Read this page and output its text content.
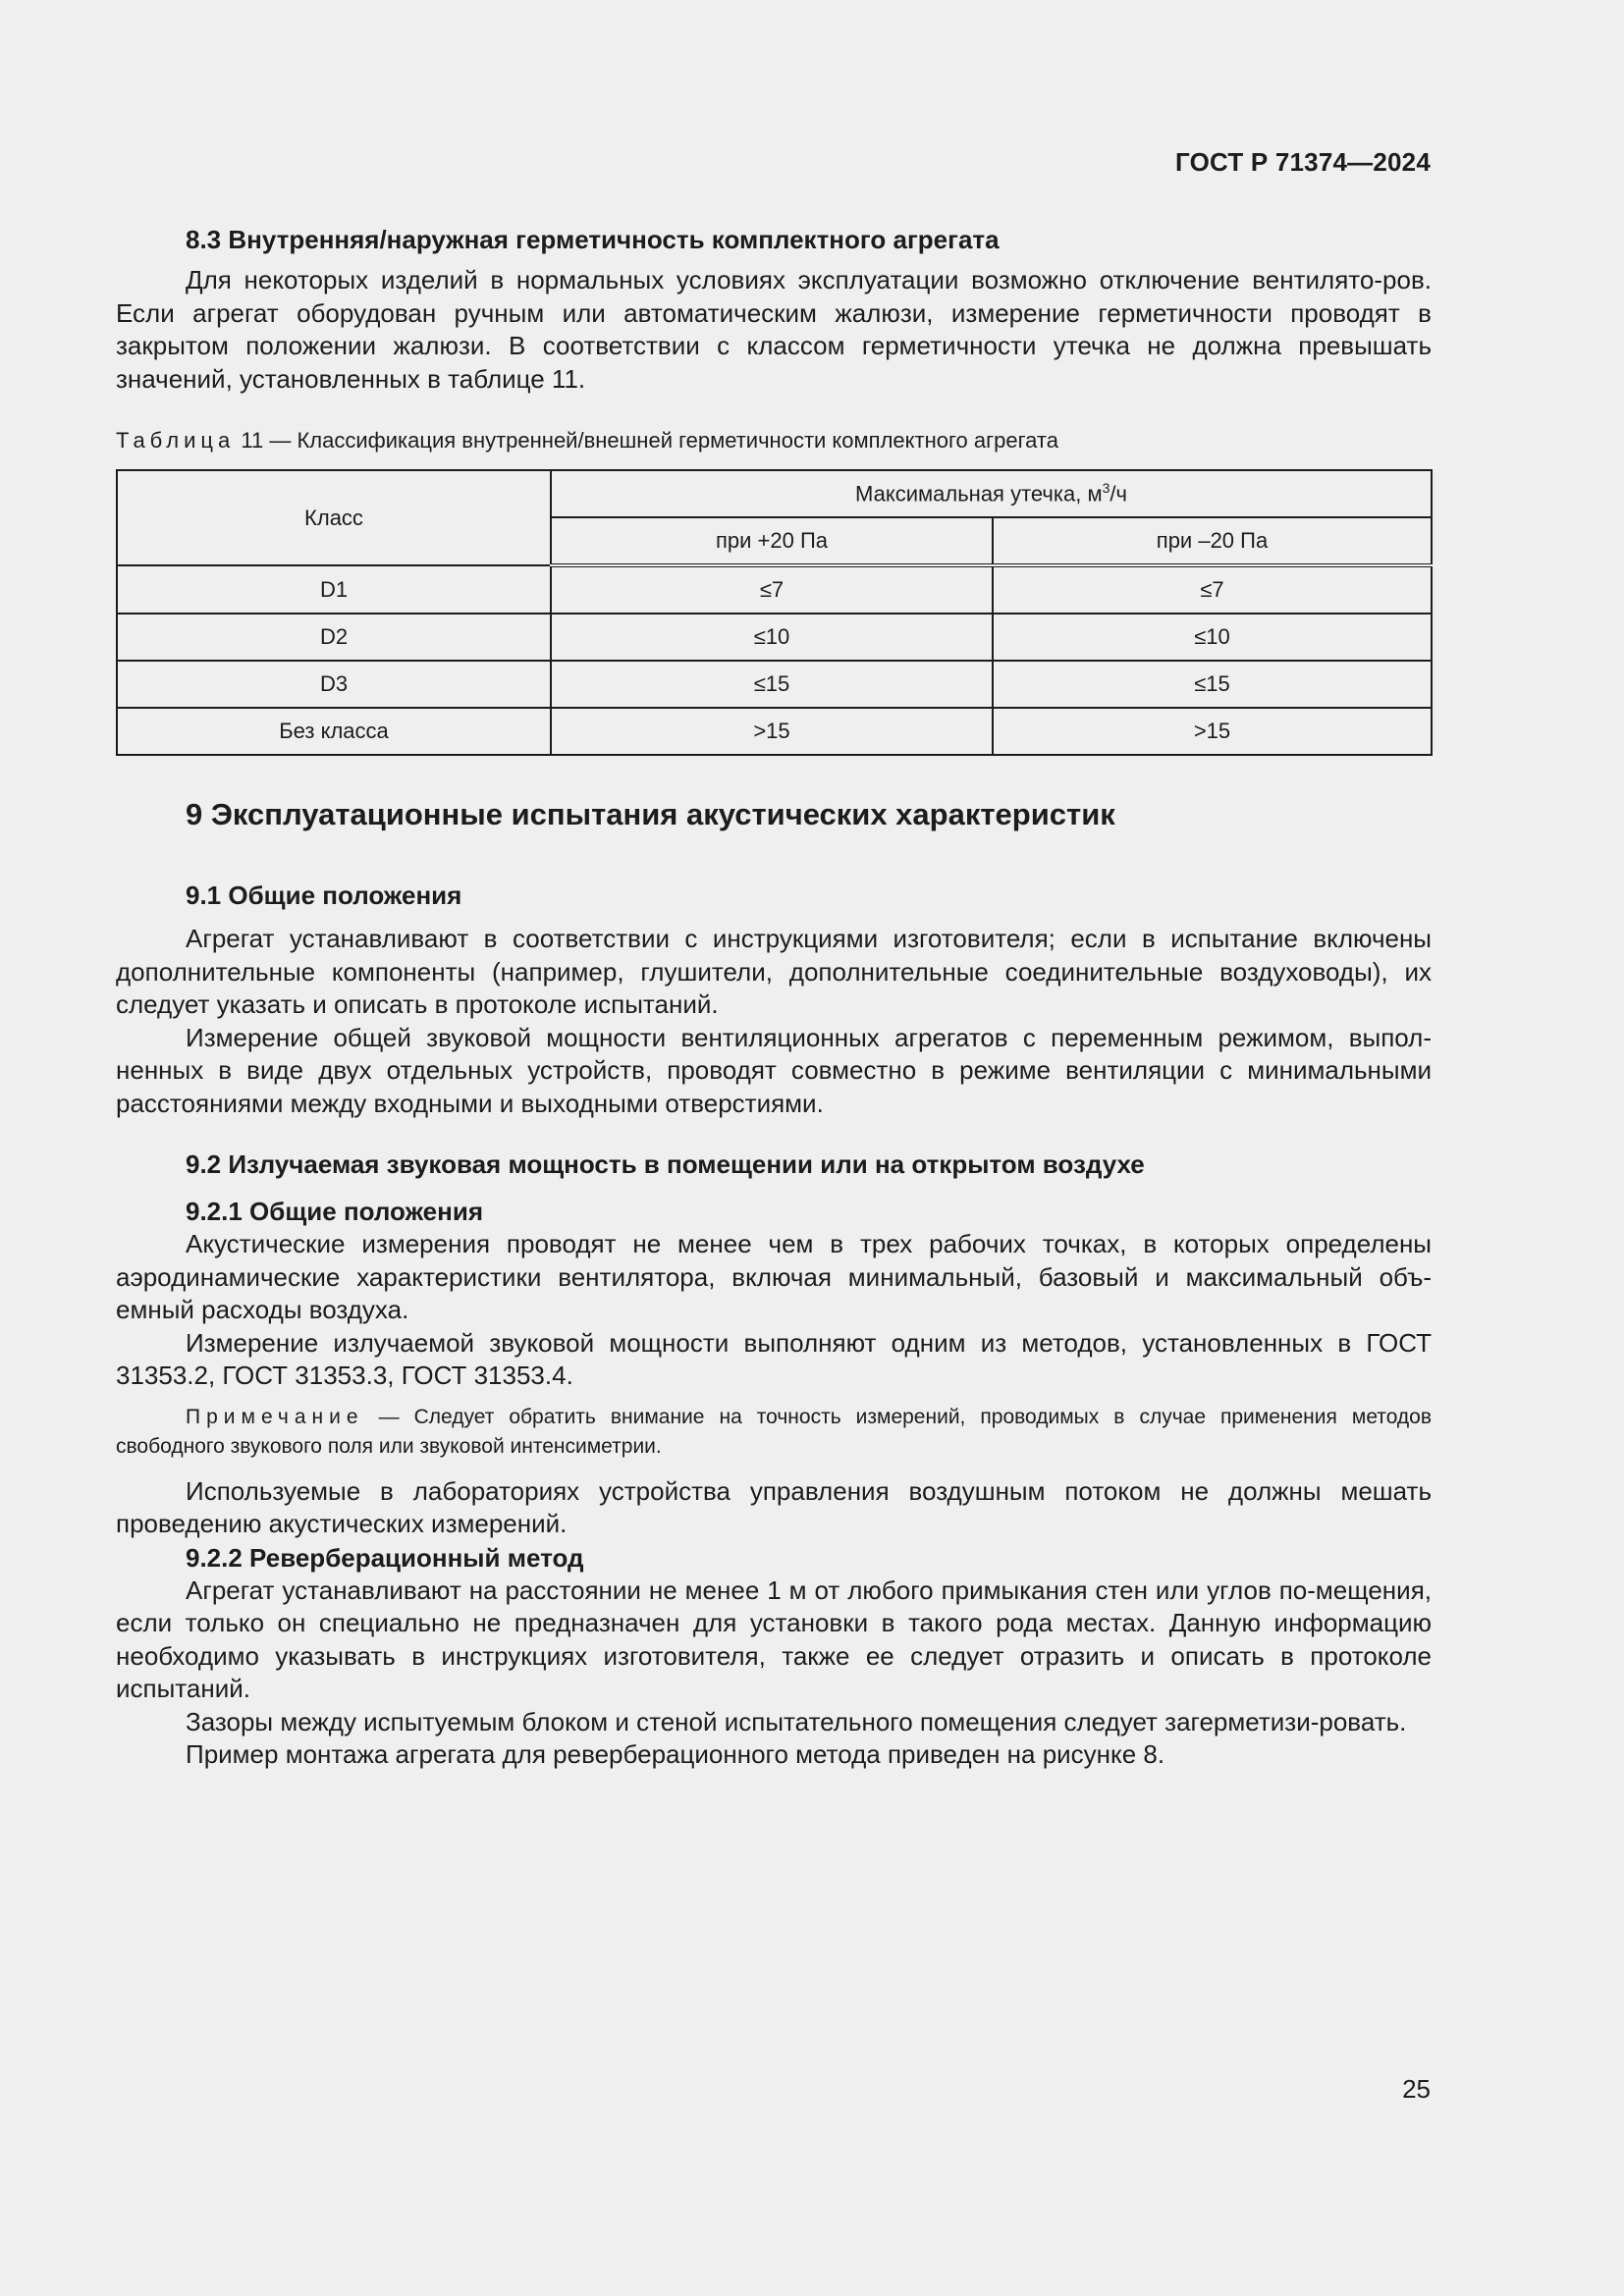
ГОСТ Р 71374—2024

8.3 Внутренняя/наружная герметичность комплектного агрегата

Для некоторых изделий в нормальных условиях эксплуатации возможно отключение вентилято-ров. Если агрегат оборудован ручным или автоматическим жалюзи, измерение герметичности проводят в закрытом положении жалюзи. В соответствии с классом герметичности утечка не должна превышать значений, установленных в таблице 11.

Таблица 11 — Классификация внутренней/внешней герметичности комплектного агрегата

Класс	Максимальная утечка, $м^3/ч$	
	при +20 Па	при –20 Па
D1	≤7	≤7
D2	≤10	≤10
D3	≤15	≤15
Без класса	>15	>15

9 Эксплуатационные испытания акустических характеристик

9.1 Общие положения

Агрегат устанавливают в соответствии с инструкциями изготовителя; если в испытание включены дополнительные компоненты (например, глушители, дополнительные соединительные воздуховоды), их следует указать и описать в протоколе испытаний.

Измерение общей звуковой мощности вентиляционных агрегатов с переменным режимом, выпол-ненных в виде двух отдельных устройств, проводят совместно в режиме вентиляции с минимальными расстояниями между входными и выходными отверстиями.

9.2 Излучаемая звуковая мощность в помещении или на открытом воздухе

9.2.1 Общие положения

Акустические измерения проводят не менее чем в трех рабочих точках, в которых определены аэродинамические характеристики вентилятора, включая минимальный, базовый и максимальный объ-емный расходы воздуха.

Измерение излучаемой звуковой мощности выполняют одним из методов, установленных в ГОСТ 31353.2, ГОСТ 31353.3, ГОСТ 31353.4.

Примечание — Следует обратить внимание на точность измерений, проводимых в случае применения методов свободного звукового поля или звуковой интенсиметрии.

Используемые в лабораториях устройства управления воздушным потоком не должны мешать проведению акустических измерений.

9.2.2 Реверберационный метод

Агрегат устанавливают на расстоянии не менее 1 м от любого примыкания стен или углов по-мещения, если только он специально не предназначен для установки в такого рода местах. Данную информацию необходимо указывать в инструкциях изготовителя, также ее следует отразить и описать в протоколе испытаний.

Зазоры между испытуемым блоком и стеной испытательного помещения следует загерметизи-ровать.

Пример монтажа агрегата для реверберационного метода приведен на рисунке 8.

25
